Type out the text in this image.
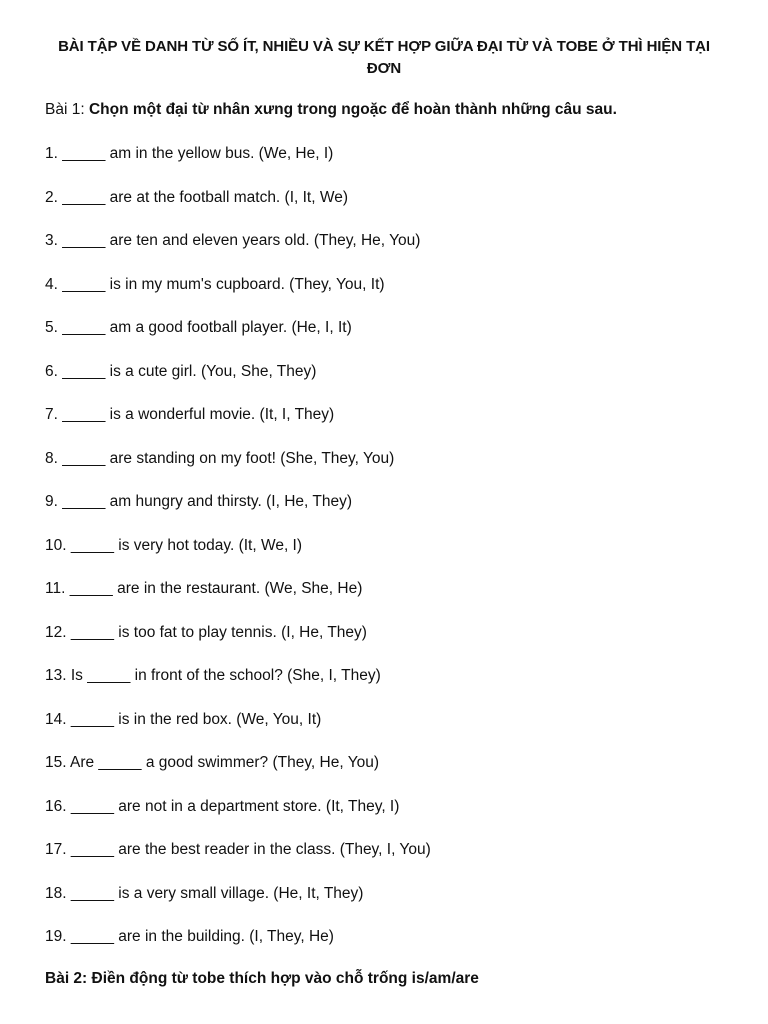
BÀI TẬP VỀ DANH TỪ SỐ ÍT, NHIỀU VÀ SỰ KẾT HỢP GIỮA ĐẠI TỪ VÀ TOBE Ở THÌ HIỆN TẠI ĐƠN
Bài 1: Chọn một đại từ nhân xưng trong ngoặc để hoàn thành những câu sau.
1. _____ am in the yellow bus. (We, He, I)
2. _____ are at the football match. (I, It, We)
3. _____ are ten and eleven years old. (They, He, You)
4. _____ is in my mum's cupboard. (They, You, It)
5. _____ am a good football player. (He, I, It)
6. _____ is a cute girl. (You, She, They)
7. _____ is a wonderful movie. (It, I, They)
8. _____ are standing on my foot! (She, They, You)
9. _____ am hungry and thirsty. (I, He, They)
10. _____ is very hot today. (It, We, I)
11. _____ are in the restaurant. (We, She, He)
12. _____ is too fat to play tennis. (I, He, They)
13. Is _____ in front of the school? (She, I, They)
14. _____ is in the red box. (We, You, It)
15. Are _____ a good swimmer? (They, He, You)
16. _____ are not in a department store. (It, They, I)
17. _____ are the best reader in the class. (They, I, You)
18. _____ is a very small village. (He, It, They)
19. _____ are in the building. (I, They, He)
Bài 2: Điền động từ tobe thích hợp vào chỗ trống is/am/are
